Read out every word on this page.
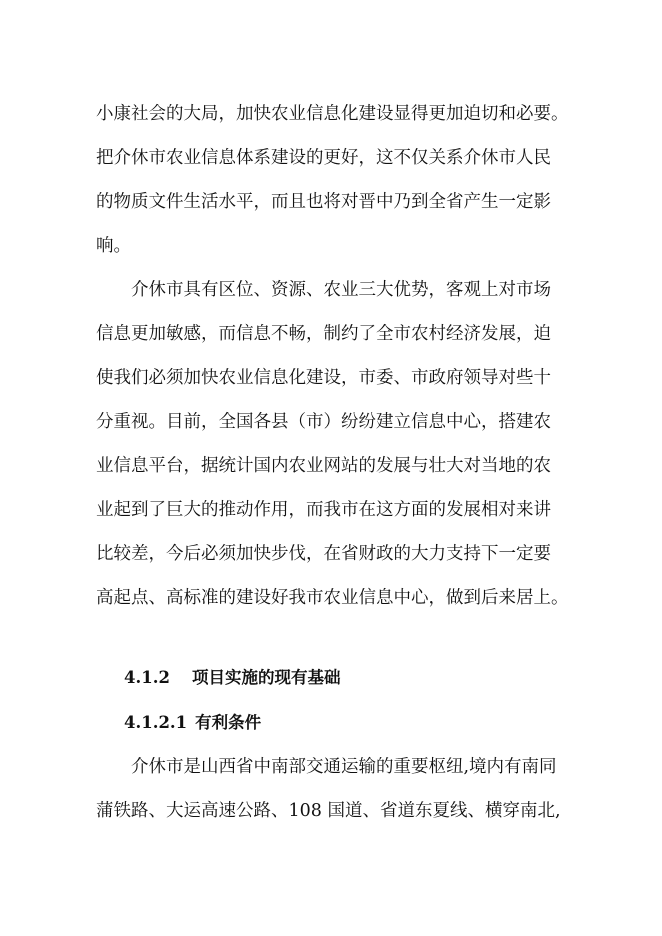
小康社会的大局，加快农业信息化建设显得更加迫切和必要。
把介休市农业信息体系建设的更好，这不仅关系介休市人民
的物质文件生活水平，而且也将对晋中乃到全省产生一定影
响。
介休市具有区位、资源、农业三大优势，客观上对市场
信息更加敏感，而信息不畅，制约了全市农村经济发展，迫
使我们必须加快农业信息化建设，市委、市政府领导对些十
分重视。目前，全国各县（市）纷纷建立信息中心，搭建农
业信息平台，据统计国内农业网站的发展与壮大对当地的农
业起到了巨大的推动作用，而我市在这方面的发展相对来讲
比较差，今后必须加快步伐，在省财政的大力支持下一定要
高起点、高标准的建设好我市农业信息中心，做到后来居上。
4.1.2 项目实施的现有基础
4.1.2.1 有利条件
介休市是山西省中南部交通运输的重要枢纽,境内有南同
蒲铁路、大运高速公路、108 国道、省道东夏线、横穿南北,
